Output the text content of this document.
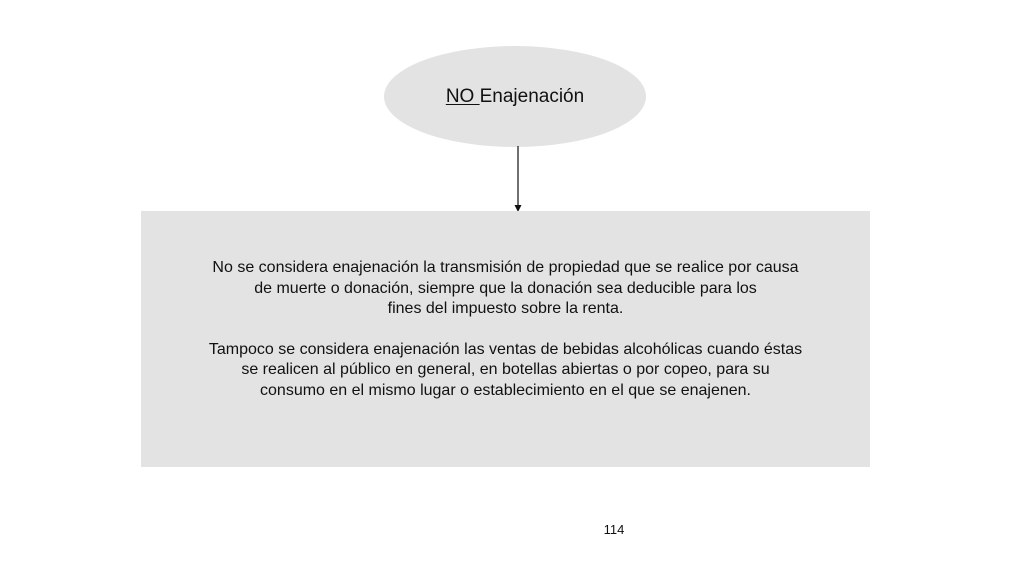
NO Enajenación

No se considera enajenación la transmisión de propiedad que se realice por causa
de muerte o donación, siempre que la donación sea deducible para los
fines del impuesto sobre la renta.

Tampoco se considera enajenación las ventas de bebidas alcohólicas cuando éstas
se realicen al público en general, en botellas abiertas o por copeo, para su
consumo en el mismo lugar o establecimiento en el que se enajenen.

114
